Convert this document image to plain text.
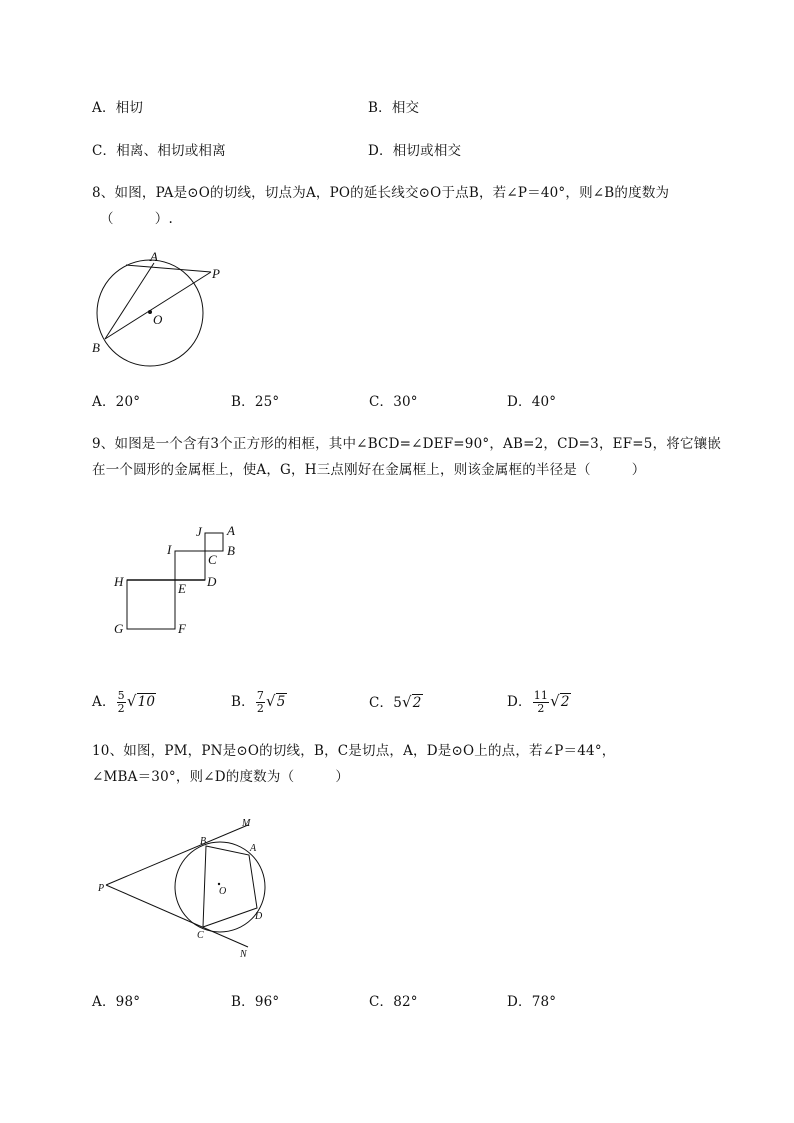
A．相切	B．相交
C．相离、相切或相离	D．相切或相交
8、如图，PA是⊙O的切线，切点为A，PO的延长线交⊙O于点B，若∠P＝40°，则∠B的度数为
（　　　）.
A
P
O
B
A．20°	B．25°	C．30°	D．40°
9、如图是一个含有3个正方形的相框，其中∠BCD=∠DEF=90°，AB=2，CD=3，EF=5，将它镶嵌
在一个圆形的金属框上，使A，G，H三点刚好在金属框上，则该金属框的半径是（　　　）
J A
I
C
B
H	E D
G	F
A． $\frac{5}{2} √10$	B． $\frac{7}{2} √5$	C．5√2	D． $\frac{11}{2} √2$
10、如图，PM，PN是⊙O的切线，B，C是切点，A，D是⊙O上的点，若∠P＝44°，
∠MBA＝30°，则∠D的度数为（　　　）
M
B
A
P	O
D
C
N
A．98°	B．96°	C．82°	D．78°
